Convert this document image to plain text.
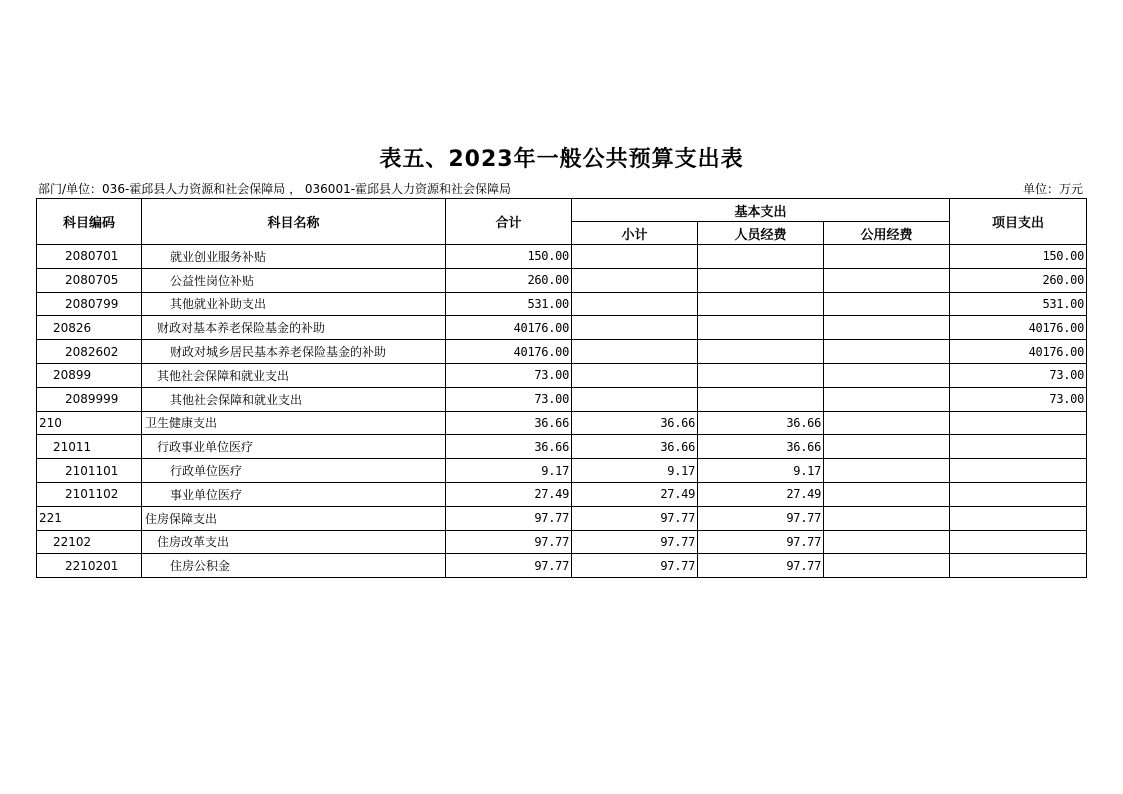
表五、2023年一般公共预算支出表
部门/单位：036-霍邱县人力资源和社会保障局 ， 036001-霍邱县人力资源和社会保障局	单位：万元
科目编码	科目名称	合计	基本支出			项目支出
			小计	人员经费	公用经费	
2080701	就业创业服务补贴	150.00				150.00
2080705	公益性岗位补贴	260.00				260.00
2080799	其他就业补助支出	531.00				531.00
20826	财政对基本养老保险基金的补助	40176.00				40176.00
2082602	财政对城乡居民基本养老保险基金的补助	40176.00				40176.00
20899	其他社会保障和就业支出	73.00				73.00
2089999	其他社会保障和就业支出	73.00				73.00
210	卫生健康支出	36.66	36.66	36.66		
21011	行政事业单位医疗	36.66	36.66	36.66		
2101101	行政单位医疗	9.17	9.17	9.17		
2101102	事业单位医疗	27.49	27.49	27.49		
221	住房保障支出	97.77	97.77	97.77		
22102	住房改革支出	97.77	97.77	97.77		
2210201	住房公积金	97.77	97.77	97.77		
